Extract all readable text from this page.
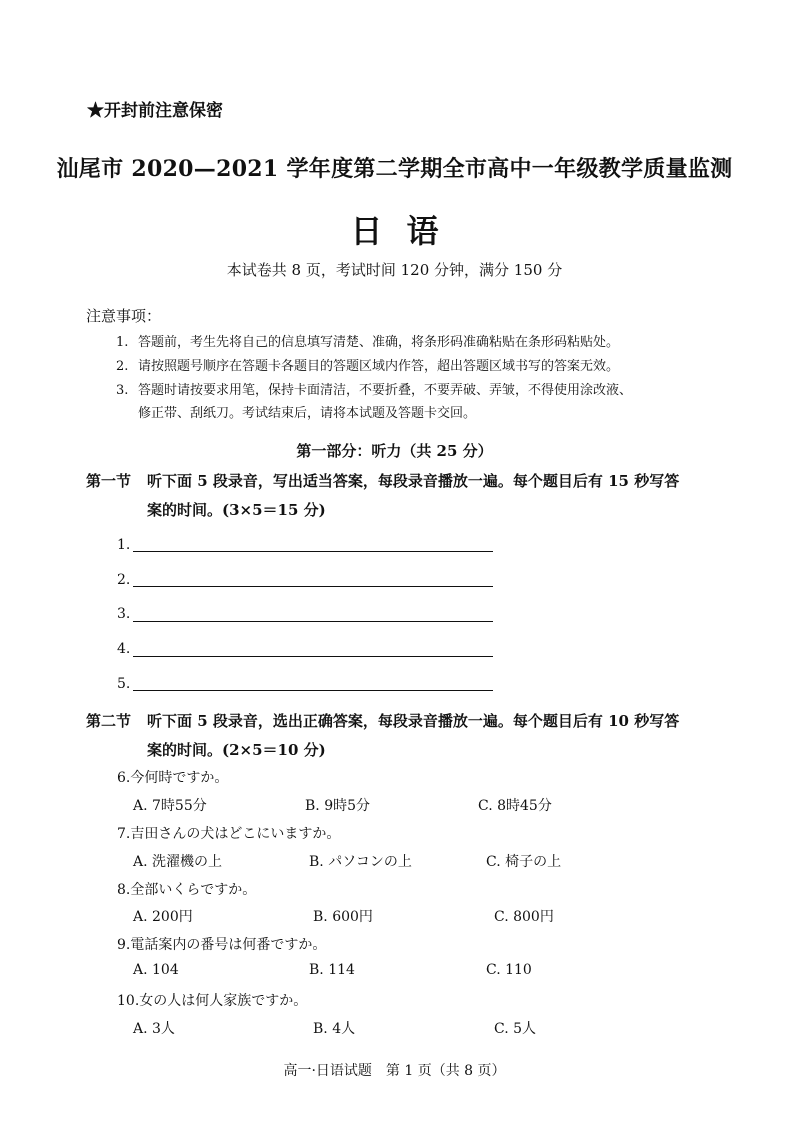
★开封前注意保密
汕尾市 2020—2021 学年度第二学期全市高中一年级教学质量监测
日语
本试卷共 8 页，考试时间 120 分钟，满分 150 分
注意事项：
1. 答题前，考生先将自己的信息填写清楚、准确，将条形码准确粘贴在条形码粘贴处。
2. 请按照题号顺序在答题卡各题目的答题区域内作答，超出答题区域书写的答案无效。
3. 答题时请按要求用笔，保持卡面清洁，不要折叠，不要弄破、弄皱，不得使用涂改液、
修正带、刮纸刀。考试结束后，请将本试题及答题卡交回。
第一部分：听力（共 25 分）
第一节 听下面 5 段录音，写出适当答案，每段录音播放一遍。每个题目后有 15 秒写答
案的时间。(3×5＝15 分)
1.
2.
3.
4.
5.
第二节 听下面 5 段录音，选出正确答案，每段录音播放一遍。每个题目后有 10 秒写答
案的时间。(2×5＝10 分)
6.今何時ですか。
A. 7時55分	B. 9時5分	C. 8時45分
7.吉田さんの犬はどこにいますか。
A. 洗濯機の上	B. パソコンの上	C. 椅子の上
8.全部いくらですか。
A. 200円	B. 600円	C. 800円
9.電話案内の番号は何番ですか。
A. 104	B. 114	C. 110
10.女の人は何人家族ですか。
A. 3人	B. 4人	C. 5人
高一·日语试题　第 1 页（共 8 页）
